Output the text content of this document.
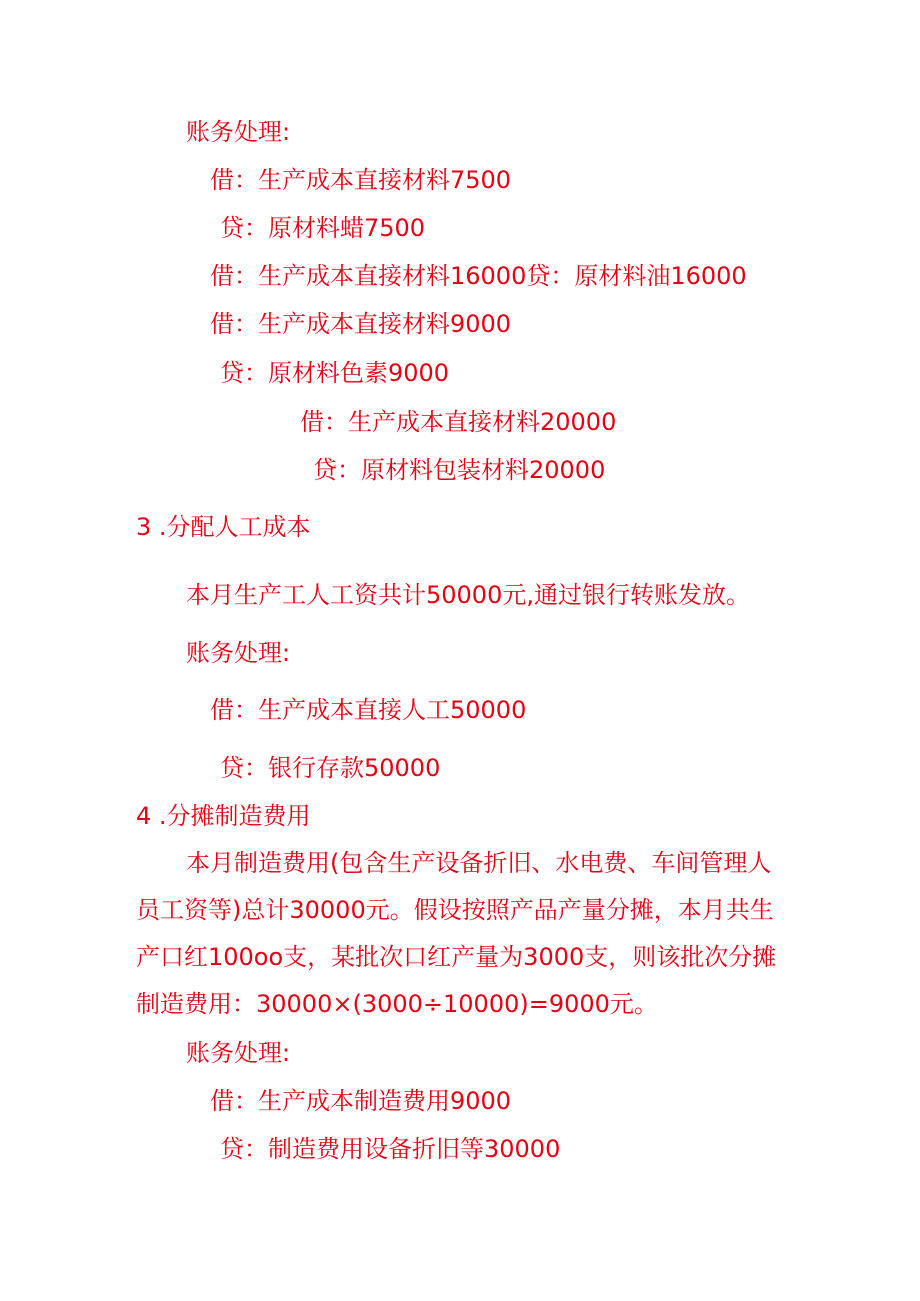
账务处理:
借：生产成本直接材料7500
贷：原材料蜡7500
借：生产成本直接材料16000贷：原材料油16000
借：生产成本直接材料9000
贷：原材料色素9000
借：生产成本直接材料20000
贷：原材料包装材料20000
3 .分配人工成本
本月生产工人工资共计50000元,通过银行转账发放。
账务处理:
借：生产成本直接人工50000
贷：银行存款50000
4 .分摊制造费用
本月制造费用(包含生产设备折旧、水电费、车间管理人
员工资等)总计30000元。假设按照产品产量分摊，本月共生
产口红100oo支，某批次口红产量为3000支，则该批次分摊
制造费用：30000×(3000÷10000)=9000元。
账务处理:
借：生产成本制造费用9000
贷：制造费用设备折旧等30000
